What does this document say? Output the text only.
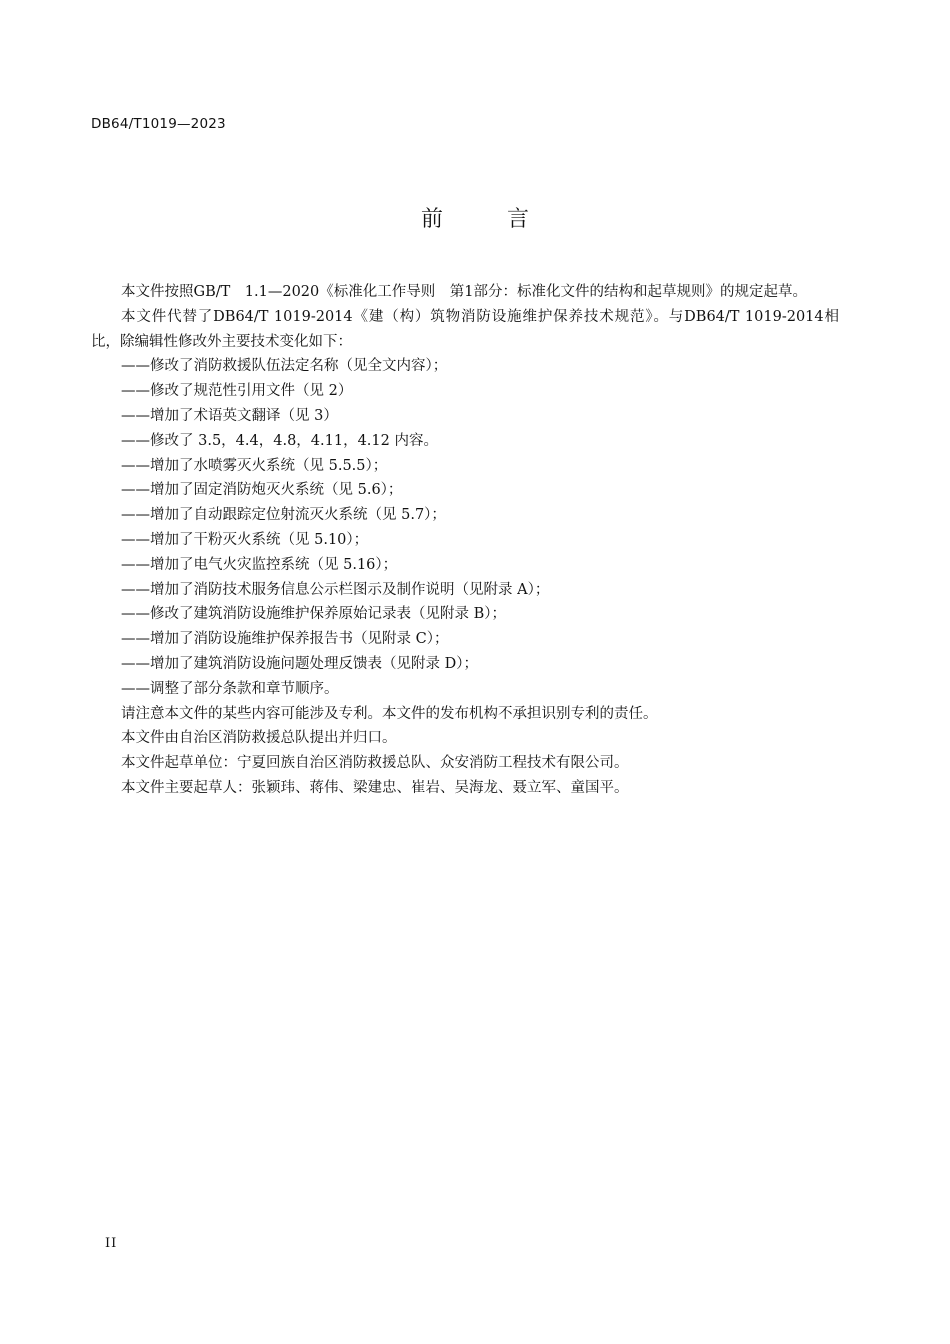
DB64/T1019—2023
前	言

本文件按照GB/T　1.1—2020《标准化工作导则　第1部分：标准化文件的结构和起草规则》的规定起草。

本文件代替了DB64/T 1019-2014《建（构）筑物消防设施维护保养技术规范》。与DB64/T 1019-2014相比，除编辑性修改外主要技术变化如下：

——修改了消防救援队伍法定名称（见全文内容）；

——修改了规范性引用文件（见 2）

——增加了术语英文翻译（见 3）

——修改了 3.5，4.4，4.8，4.11，4.12 内容。

——增加了水喷雾灭火系统（见 5.5.5）；

——增加了固定消防炮灭火系统（见 5.6）；

——增加了自动跟踪定位射流灭火系统（见 5.7）；

——增加了干粉灭火系统（见 5.10）；

——增加了电气火灾监控系统（见 5.16）；

——增加了消防技术服务信息公示栏图示及制作说明（见附录 A）；

——修改了建筑消防设施维护保养原始记录表（见附录 B）；

——增加了消防设施维护保养报告书（见附录 C）；

——增加了建筑消防设施问题处理反馈表（见附录 D）；

——调整了部分条款和章节顺序。

请注意本文件的某些内容可能涉及专利。本文件的发布机构不承担识别专利的责任。

本文件由自治区消防救援总队提出并归口。

本文件起草单位：宁夏回族自治区消防救援总队、众安消防工程技术有限公司。

本文件主要起草人：张颖玮、蒋伟、梁建忠、崔岩、吴海龙、聂立军、童国平。

II
